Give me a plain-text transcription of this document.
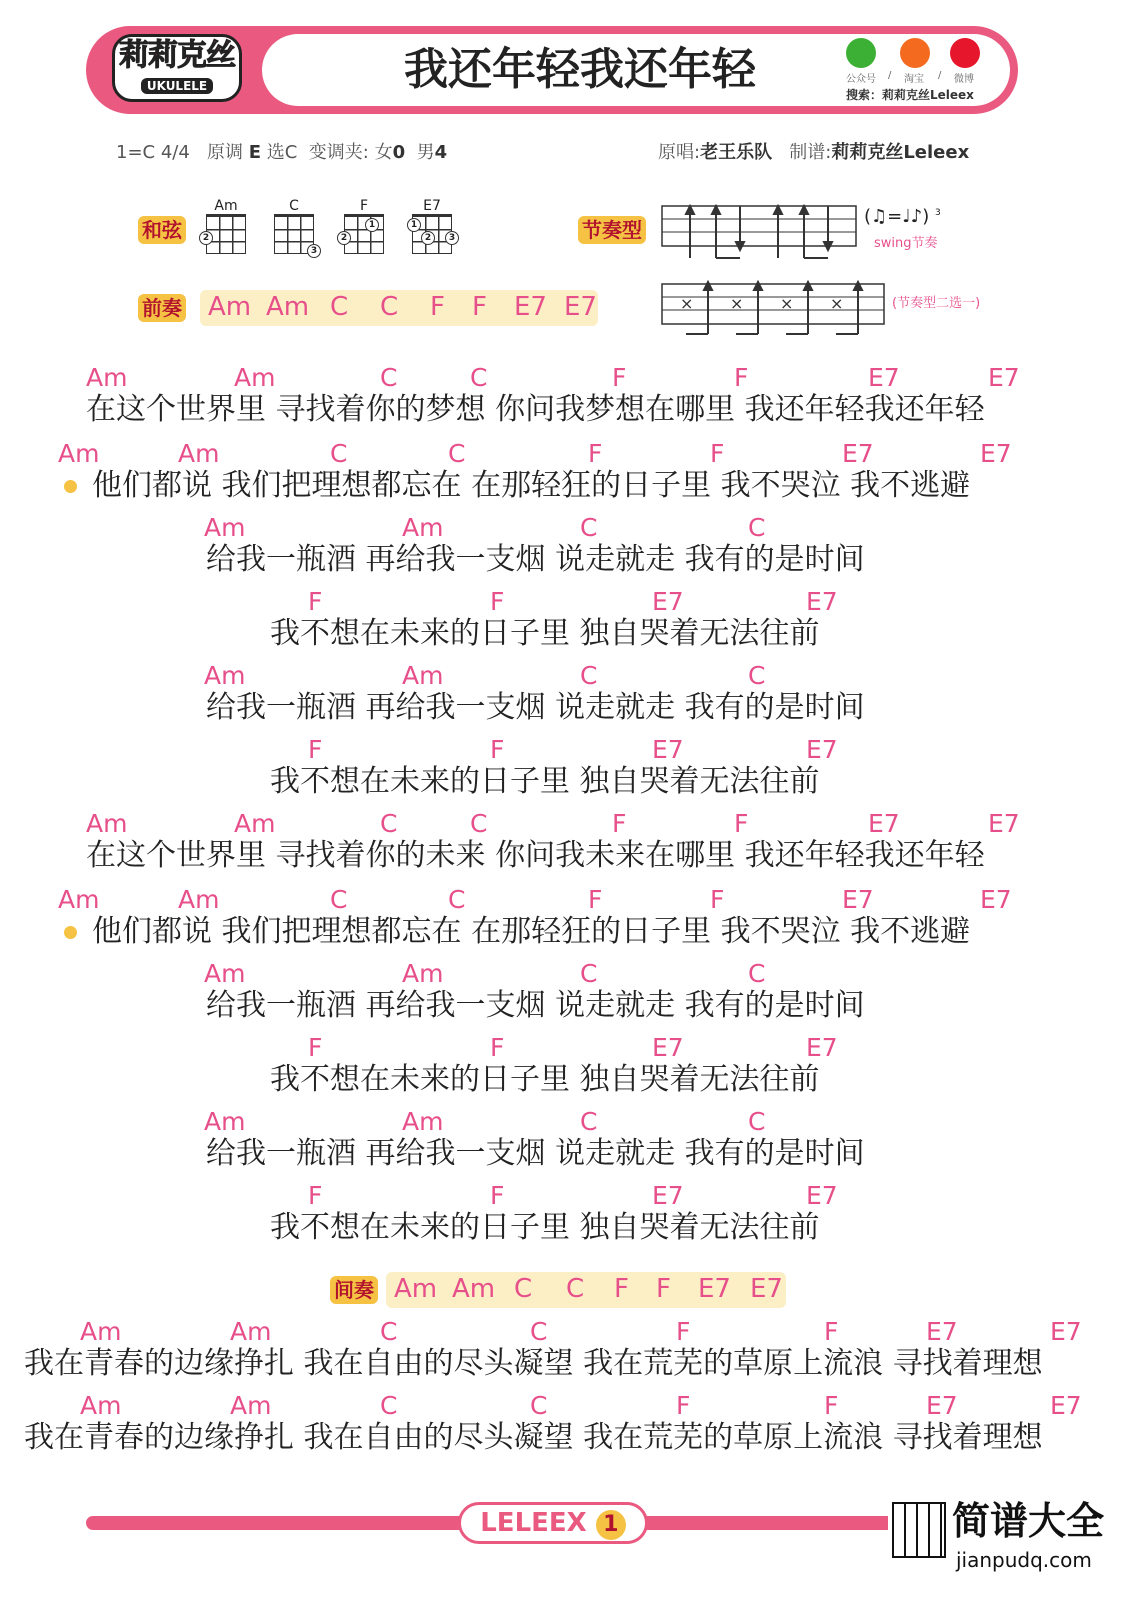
莉莉克丝
UKULELE	我还年轻我还年轻	公众号 / 淘宝 / 微博
搜索：莉莉克丝Leleex
1=C 4/4 原调 E 选C 变调夹: 女0 男4	原唱:老王乐队 制谱:莉莉克丝Leleex
和弦
Am
2
C
3
F
1
2
E7
1
2	3	节奏型
(♫=♩♪) $^3$
swing节奏
× × × ×	(节奏型二选一)
前奏 Am Am C C F F E7 E7
在这个世界里 寻找着你的梦想 你问我梦想在哪里 我还年轻我还年轻
Am	Am	C	C	F	F	E7	E7
他们都说 我们把理想都忘在 在那轻狂的日子里 我不哭泣 我不逃避
Am	Am	C	C	F	F	E7	E7
给我一瓶酒 再给我一支烟 说走就走 我有的是时间
Am	Am	C	C
我不想在未来的日子里 独自哭着无法往前
F	F	E7	E7
给我一瓶酒 再给我一支烟 说走就走 我有的是时间
Am	Am	C	C
我不想在未来的日子里 独自哭着无法往前
F	F	E7	E7
在这个世界里 寻找着你的未来 你问我未来在哪里 我还年轻我还年轻
Am	Am	C	C	F	F	E7	E7
他们都说 我们把理想都忘在 在那轻狂的日子里 我不哭泣 我不逃避
Am	Am	C	C	F	F	E7	E7
给我一瓶酒 再给我一支烟 说走就走 我有的是时间
Am	Am	C	C
我不想在未来的日子里 独自哭着无法往前
F	F	E7	E7
给我一瓶酒 再给我一支烟 说走就走 我有的是时间
Am	Am	C	C
我不想在未来的日子里 独自哭着无法往前
F	F	E7	E7
我在青春的边缘挣扎 我在自由的尽头凝望 我在荒芜的草原上流浪 寻找着理想
Am	Am	C	C	F	F	E7	E7
我在青春的边缘挣扎 我在自由的尽头凝望 我在荒芜的草原上流浪 寻找着理想
Am	Am	C	C	F	F	E7	E7
间奏 Am Am C C F F E7 E7
LELEEX 1	简谱大全
jianpudq.com
